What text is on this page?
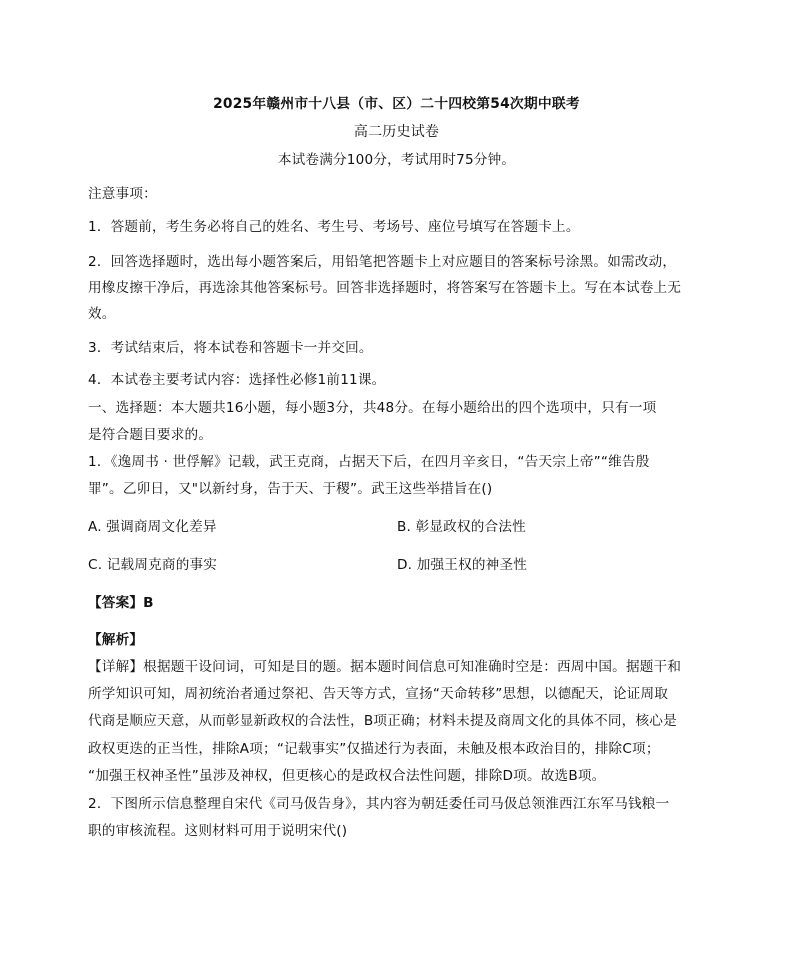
2025年赣州市十八县（市、区）二十四校第54次期中联考
高二历史试卷
本试卷满分100分，考试用时75分钟。
注意事项：
1．答题前，考生务必将自己的姓名、考生号、考场号、座位号填写在答题卡上。
2．回答选择题时，选出每小题答案后，用铅笔把答题卡上对应题目的答案标号涂黑。如需改动，
用橡皮擦干净后，再选涂其他答案标号。回答非选择题时，将答案写在答题卡上。写在本试卷上无
效。
3．考试结束后，将本试卷和答题卡一并交回。
4．本试卷主要考试内容：选择性必修1前11课。
一、选择题：本大题共16小题，每小题3分，共48分。在每小题给出的四个选项中，只有一项
是符合题目要求的。
1．《逸周书 · 世俘解》记载，武王克商，占据天下后，在四月辛亥日，“告天宗上帝”“维告殷
罪”。乙卯日，又"以新纣身，告于天、于稷”。武王这些举措旨在()
A. 强调商周文化差异	B. 彰显政权的合法性
C. 记载周克商的事实	D. 加强王权的神圣性
【答案】B
【解析】
【详解】根据题干设问词，可知是目的题。据本题时间信息可知准确时空是：西周中国。据题干和
所学知识可知，周初统治者通过祭祀、告天等方式，宣扬“天命转移”思想，以德配天，论证周取
代商是顺应天意，从而彰显新政权的合法性，B项正确；材料未提及商周文化的具体不同，核心是
政权更迭的正当性，排除A项；“记载事实”仅描述行为表面，未触及根本政治目的，排除C项；
“加强王权神圣性”虽涉及神权，但更核心的是政权合法性问题，排除D项。故选B项。
2．下图所示信息整理自宋代《司马伋告身》，其内容为朝廷委任司马伋总领淮西江东军马钱粮一
职的审核流程。这则材料可用于说明宋代()
